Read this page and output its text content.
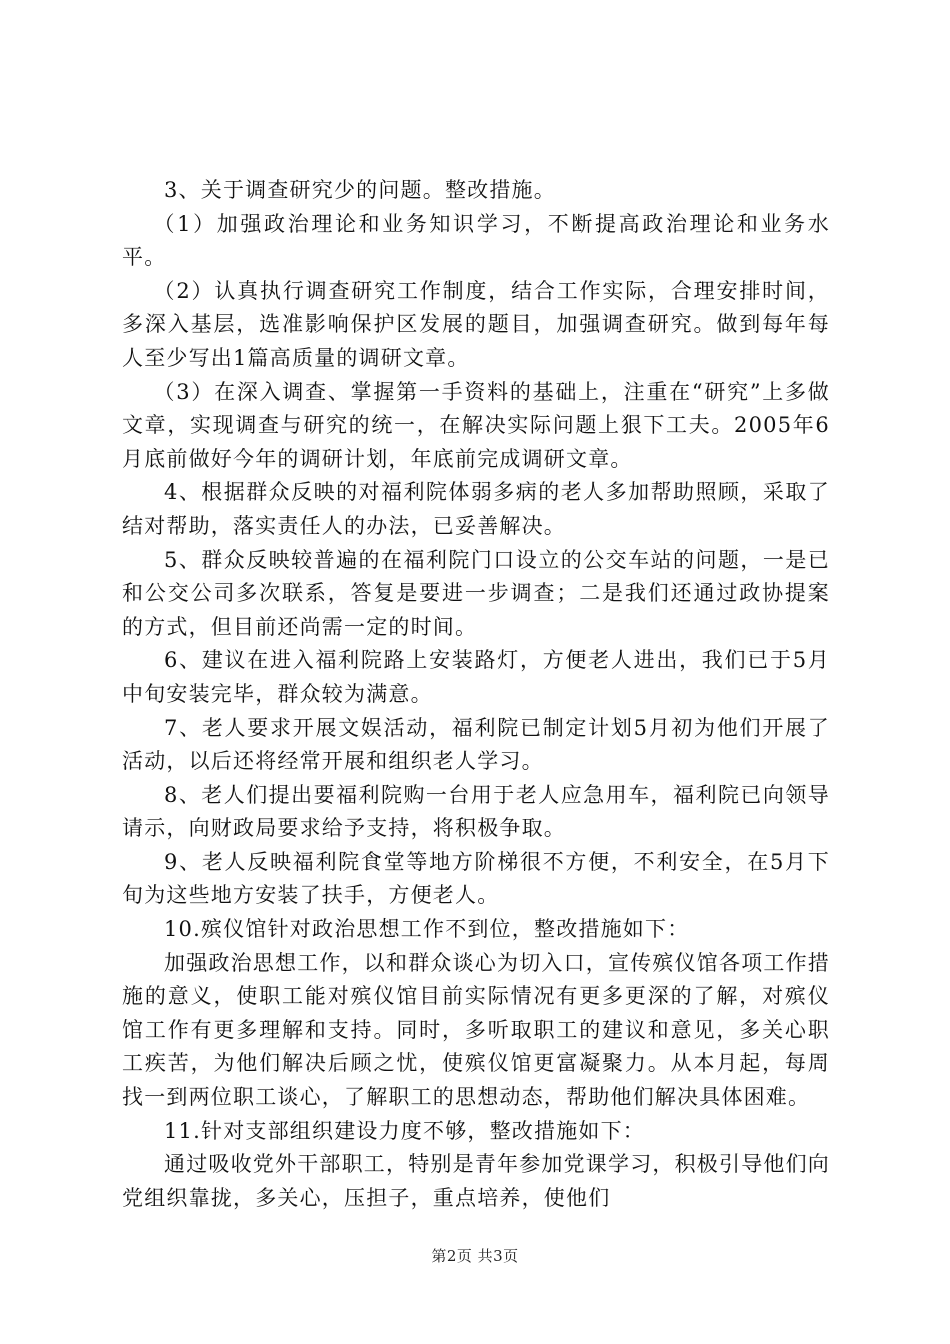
3、关于调查研究少的问题。整改措施。

（1）加强政治理论和业务知识学习，不断提高政治理论和业务水平。

（2）认真执行调查研究工作制度，结合工作实际，合理安排时间，多深入基层，选准影响保护区发展的题目，加强调查研究。做到每年每人至少写出1篇高质量的调研文章。

（3）在深入调查、掌握第一手资料的基础上，注重在“研究”上多做文章，实现调查与研究的统一，在解决实际问题上狠下工夫。2005年6月底前做好今年的调研计划，年底前完成调研文章。

4、根据群众反映的对福利院体弱多病的老人多加帮助照顾，采取了结对帮助，落实责任人的办法，已妥善解决。

5、群众反映较普遍的在福利院门口设立的公交车站的问题，一是已和公交公司多次联系，答复是要进一步调查；二是我们还通过政协提案的方式，但目前还尚需一定的时间。

6、建议在进入福利院路上安装路灯，方便老人进出，我们已于5月中旬安装完毕，群众较为满意。

7、老人要求开展文娱活动，福利院已制定计划5月初为他们开展了活动，以后还将经常开展和组织老人学习。

8、老人们提出要福利院购一台用于老人应急用车，福利院已向领导请示，向财政局要求给予支持，将积极争取。

9、老人反映福利院食堂等地方阶梯很不方便，不利安全，在5月下旬为这些地方安装了扶手，方便老人。

10.殡仪馆针对政治思想工作不到位，整改措施如下：

加强政治思想工作，以和群众谈心为切入口，宣传殡仪馆各项工作措施的意义，使职工能对殡仪馆目前实际情况有更多更深的了解，对殡仪馆工作有更多理解和支持。同时，多听取职工的建议和意见，多关心职工疾苦，为他们解决后顾之忧，使殡仪馆更富凝聚力。从本月起，每周找一到两位职工谈心，了解职工的思想动态，帮助他们解决具体困难。

11.针对支部组织建设力度不够，整改措施如下：

通过吸收党外干部职工，特别是青年参加党课学习，积极引导他们向党组织靠拢，多关心，压担子，重点培养，使他们

第2页 共3页
